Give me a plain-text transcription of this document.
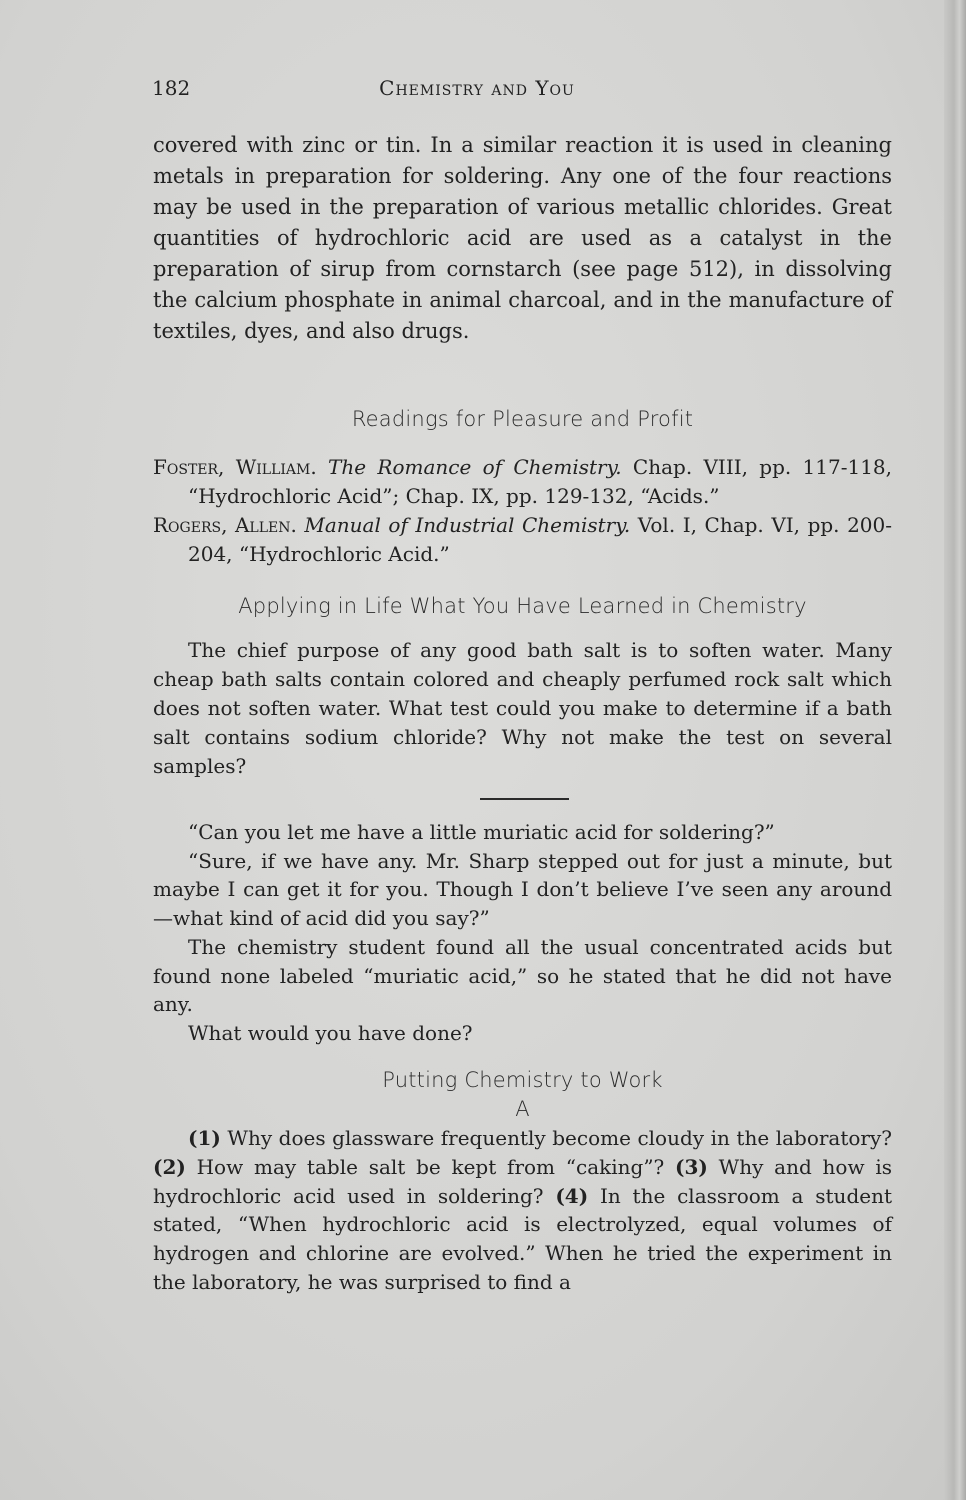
182	Chemistry and You

covered with zinc or tin. In a similar reaction it is used in cleaning metals in preparation for soldering. Any one of the four reactions may be used in the preparation of various metallic chlorides. Great quantities of hydrochloric acid are used as a catalyst in the preparation of sirup from cornstarch (see page 512), in dissolving the calcium phosphate in animal charcoal, and in the manufacture of textiles, dyes, and also drugs.

Readings for Pleasure and Profit

Foster, William. The Romance of Chemistry. Chap. VIII, pp. 117-118, “Hydrochloric Acid”; Chap. IX, pp. 129-132, “Acids.”

Rogers, Allen. Manual of Industrial Chemistry. Vol. I, Chap. VI, pp. 200-204, “Hydrochloric Acid.”

Applying in Life What You Have Learned in Chemistry

The chief purpose of any good bath salt is to soften water. Many cheap bath salts contain colored and cheaply perfumed rock salt which does not soften water. What test could you make to determine if a bath salt contains sodium chloride? Why not make the test on several samples?

“Can you let me have a little muriatic acid for soldering?”

“Sure, if we have any. Mr. Sharp stepped out for just a minute, but maybe I can get it for you. Though I don’t believe I’ve seen any around—what kind of acid did you say?”

The chemistry student found all the usual concentrated acids but found none labeled “muriatic acid,” so he stated that he did not have any.

What would you have done?

Putting Chemistry to Work
A

(1) Why does glassware frequently become cloudy in the laboratory? (2) How may table salt be kept from “caking”? (3) Why and how is hydrochloric acid used in soldering? (4) In the classroom a student stated, “When hydrochloric acid is electrolyzed, equal volumes of hydrogen and chlorine are evolved.” When he tried the experiment in the laboratory, he was surprised to find a
